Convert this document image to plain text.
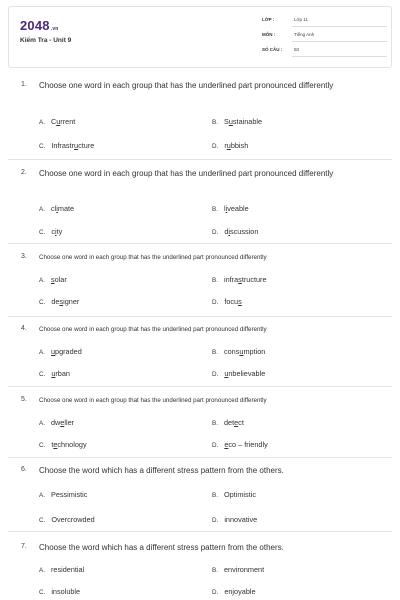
2048.vn
Kiểm Tra - Unit 9
LỚP :	Lớp 11
MÔN :	Tiếng Anh
SỐ CÂU :	50
1. Choose one word in each group that has the underlined part pronounced differently
A. Current	B. Sustainable
C. Infrastructure	D. rubbish
2. Choose one word in each group that has the underlined part pronounced differently
A. climate	B. liveable
C. city	D. discussion
3. Choose one word in each group that has the underlined part pronounced differently
A. solar	B. infrastructure
C. designer	D. focus
4. Choose one word in each group that has the underlined part pronounced differently
A. upgraded	B. consumption
C. urban	D. unbelievable
5. Choose one word in each group that has the underlined part pronounced differently
A. dweller	B. detect
C. technology	D. eco – friendly
6. Choose the word which has a different stress pattern from the others.
A. Pessimistic	B. Optimistic
C. Overcrowded	D. innovative
7. Choose the word which has a different stress pattern from the others.
A. residential	B. environment
C. insoluble	D. enjoyable
